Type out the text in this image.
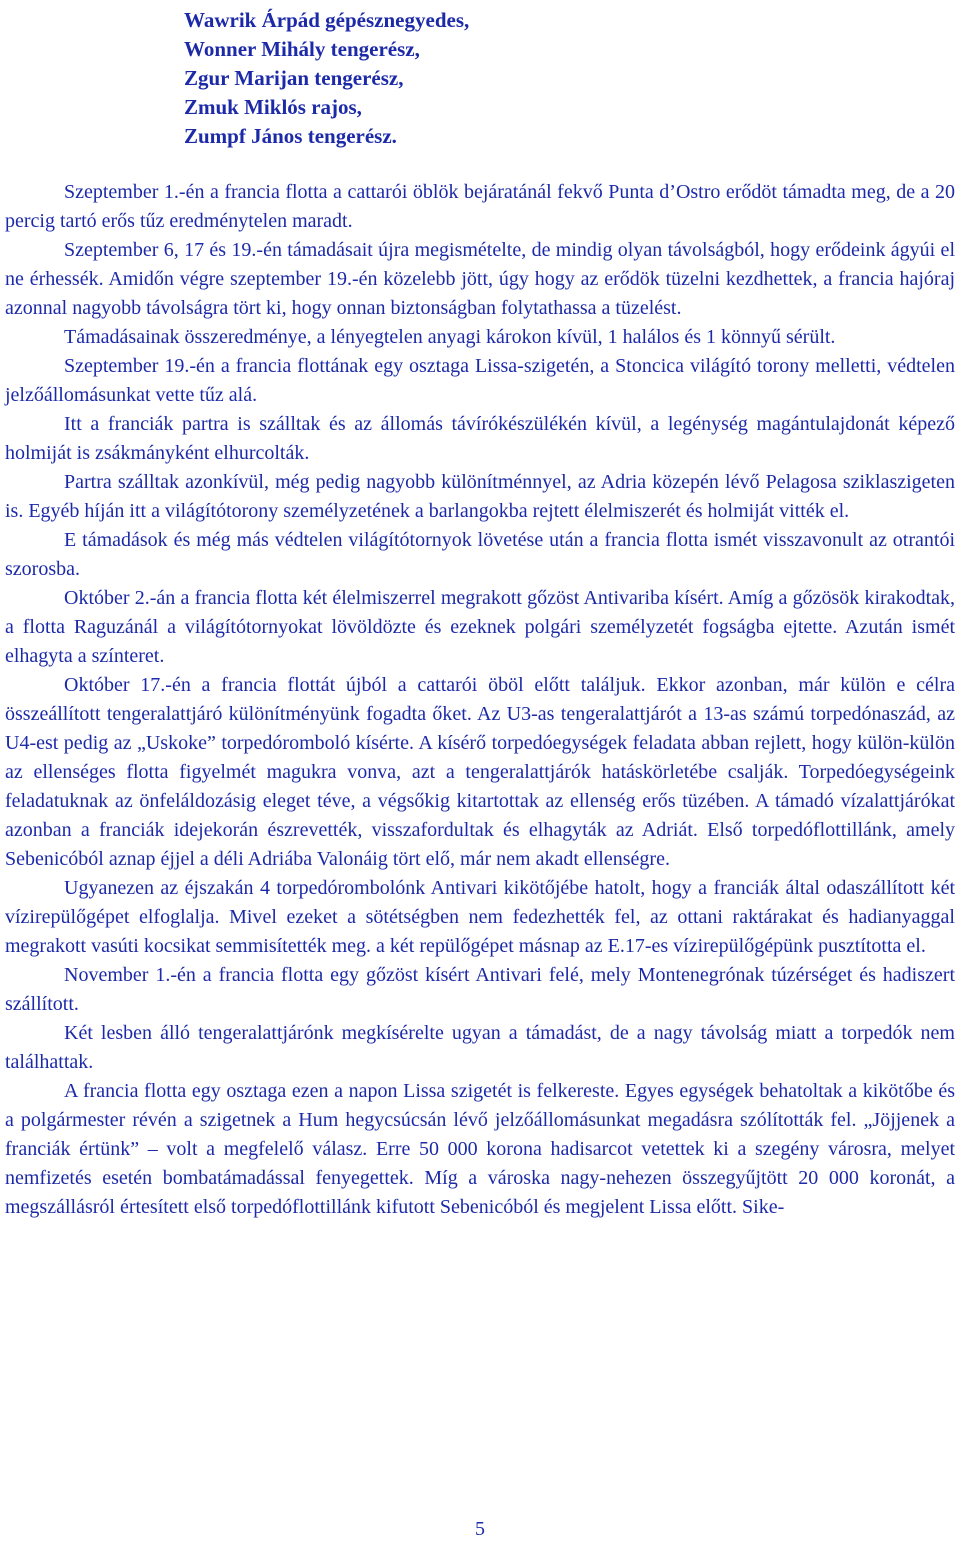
Wawrik Árpád gépésznegyedes,
Wonner Mihály tengerész,
Zgur Marijan tengerész,
Zmuk Miklós rajos,
Zumpf János tengerész.

Szeptember 1.-én a francia flotta a cattarói öblök bejáratánál fekvő Punta d’Ostro erődöt támadta meg, de a 20 percig tartó erős tűz eredménytelen maradt.

Szeptember 6, 17 és 19.-én támadásait újra megismételte, de mindig olyan távolságból, hogy erődeink ágyúi el ne érhessék. Amidőn végre szeptember 19.-én közelebb jött, úgy hogy az erődök tüzelni kezdhettek, a francia hajóraj azonnal nagyobb távolságra tört ki, hogy onnan biztonságban folytathassa a tüzelést.

Támadásainak összeredménye, a lényegtelen anyagi károkon kívül, 1 halálos és 1 könnyű sérült.

Szeptember 19.-én a francia flottának egy osztaga Lissa-szigetén, a Stoncica világító torony melletti, védtelen jelzőállomásunkat vette tűz alá.

Itt a franciák partra is szálltak és az állomás távírókészülékén kívül, a legénység magántulajdonát képező holmiját is zsákmányként elhurcolták.

Partra szálltak azonkívül, még pedig nagyobb különítménnyel, az Adria közepén lévő Pelagosa sziklaszigeten is. Egyéb híján itt a világítótorony személyzetének a barlangokba rejtett élelmiszerét és holmiját vitték el.

E támadások és még más védtelen világítótornyok lövetése után a francia flotta ismét visszavonult az otrantói szorosba.

Október 2.-án a francia flotta két élelmiszerrel megrakott gőzöst Antivariba kísért. Amíg a gőzösök kirakodtak, a flotta Raguzánál a világítótornyokat lövöldözte és ezeknek polgári személyzetét fogságba ejtette. Azután ismét elhagyta a színteret.

Október 17.-én a francia flottát újból a cattarói öböl előtt találjuk. Ekkor azonban, már külön e célra összeállított tengeralattjáró különítményünk fogadta őket. Az U3-as tengeralattjárót a 13-as számú torpedónaszád, az U4-est pedig az „Uskoke” torpedóromboló kísérte. A kísérő torpedóegységek feladata abban rejlett, hogy külön-külön az ellenséges flotta figyelmét magukra vonva, azt a tengeralattjárók hatáskörletébe csalják. Torpedóegységeink feladatuknak az önfeláldozásig eleget téve, a végsőkig kitartottak az ellenség erős tüzében. A támadó vízalattjárókat azonban a franciák idejekorán észrevették, visszafordultak és elhagyták az Adriát. Első torpedóflottillánk, amely Sebenicóból aznap éjjel a déli Adriába Valonáig tört elő, már nem akadt ellenségre.

Ugyanezen az éjszakán 4 torpedórombolónk Antivari kikötőjébe hatolt, hogy a franciák által odaszállított két vízirepülőgépet elfoglalja. Mivel ezeket a sötétségben nem fedezhették fel, az ottani raktárakat és hadianyaggal megrakott vasúti kocsikat semmisítették meg. a két repülőgépet másnap az E.17-es vízirepülőgépünk pusztította el.

November 1.-én a francia flotta egy gőzöst kísért Antivari felé, mely Montenegrónak túzérséget és hadiszert szállított.

Két lesben álló tengeralattjárónk megkísérelte ugyan a támadást, de a nagy távolság miatt a torpedók nem találhattak.

A francia flotta egy osztaga ezen a napon Lissa szigetét is felkereste. Egyes egységek behatoltak a kikötőbe és a polgármester révén a szigetnek a Hum hegycsúcsán lévő jelzőállomásunkat megadásra szólították fel. „Jöjjenek a franciák értünk” – volt a megfelelő válasz. Erre 50 000 korona hadisarcot vetettek ki a szegény városra, melyet nemfizetés esetén bombatámadással fenyegettek. Míg a városka nagy-nehezen összegyűjtött 20 000 koronát, a megszállásról értesített első torpedóflottillánk kifutott Sebenicóból és megjelent Lissa előtt. Sike-

5
